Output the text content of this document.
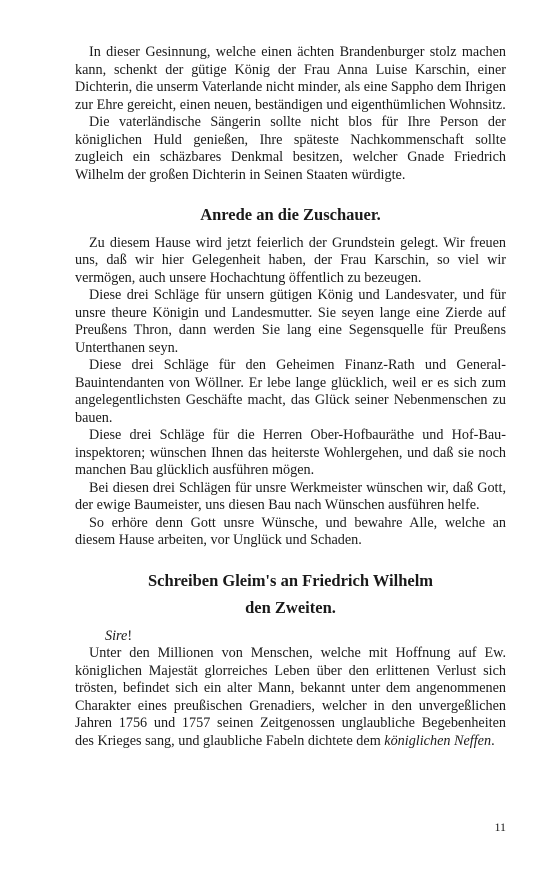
In dieser Gesinnung, welche einen ächten Brandenburger stolz machen kann, schenkt der gütige König der Frau Anna Luise Karschin, einer Dichterin, die unserm Vaterlande nicht minder, als eine Sappho dem Ihrigen zur Ehre gereicht, einen neuen, beständigen und eigenthümlichen Wohnsitz.

Die vaterländische Sängerin sollte nicht blos für Ihre Person der königlichen Huld genießen, Ihre späteste Nachkommenschaft sollte zugleich ein schäzbares Denkmal besitzen, welcher Gnade Friedrich Wilhelm der großen Dichterin in Seinen Staaten würdigte.

Anrede an die Zuschauer.

Zu diesem Hause wird jetzt feierlich der Grundstein gelegt. Wir freuen uns, daß wir hier Gelegenheit haben, der Frau Karschin, so viel wir vermögen, auch unsere Hochachtung öffentlich zu bezeugen.

Diese drei Schläge für unsern gütigen König und Landesvater, und für unsre theure Königin und Landesmutter. Sie seyen lange eine Zierde auf Preußens Thron, dann werden Sie lang eine Segensquelle für Preußens Unterthanen seyn.

Diese drei Schläge für den Geheimen Finanz-Rath und General-Bauintendanten von Wöllner. Er lebe lange glücklich, weil er es sich zum angelegentlichsten Geschäfte macht, das Glück seiner Nebenmenschen zu bauen.

Diese drei Schläge für die Herren Ober-Hofbauräthe und Hof-Bauinspektoren; wünschen Ihnen das heiterste Wohlergehen, und daß sie noch manchen Bau glücklich ausführen mögen.

Bei diesen drei Schlägen für unsre Werkmeister wünschen wir, daß Gott, der ewige Baumeister, uns diesen Bau nach Wünschen ausführen helfe.

So erhöre denn Gott unsre Wünsche, und bewahre Alle, welche an diesem Hause arbeiten, vor Unglück und Schaden.

Schreiben Gleim's an Friedrich Wilhelm
den Zweiten.

Sire!

Unter den Millionen von Menschen, welche mit Hoffnung auf Ew. königlichen Majestät glorreiches Leben über den erlittenen Verlust sich trösten, befindet sich ein alter Mann, bekannt unter dem angenommenen Charakter eines preußischen Grenadiers, welcher in den unvergeßlichen Jahren 1756 und 1757 seinen Zeitgenossen unglaubliche Begebenheiten des Krieges sang, und glaubliche Fabeln dichtete dem königlichen Neffen.

11
